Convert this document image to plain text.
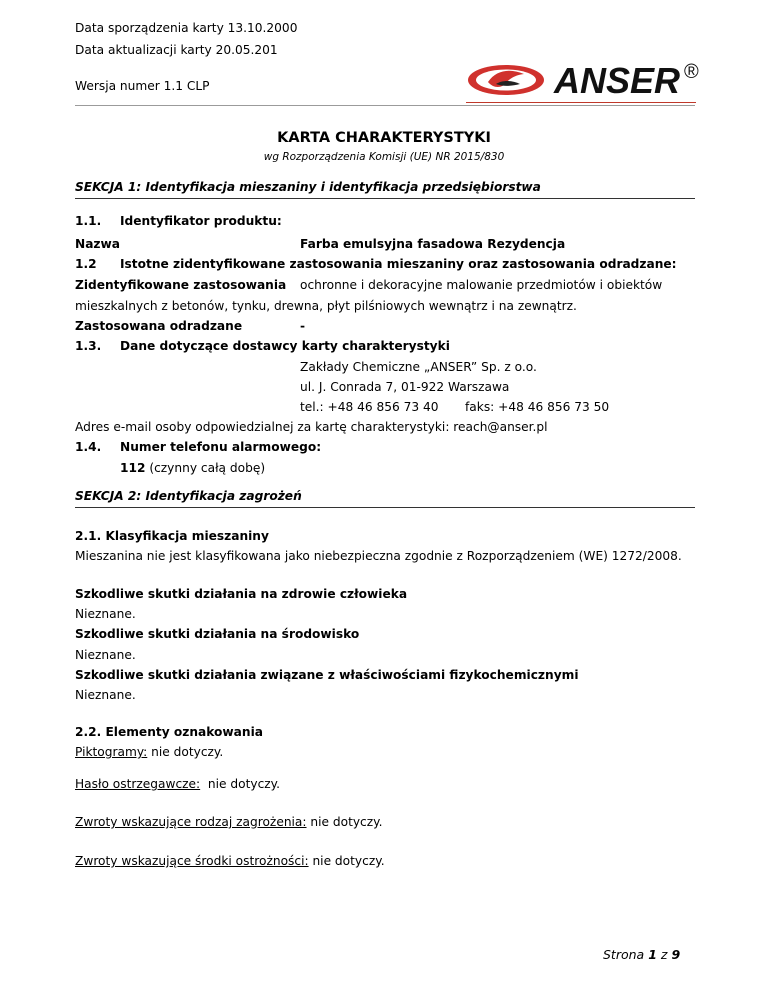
Data sporządzenia karty 13.10.2000
Data aktualizacji karty 20.05.201
Wersja numer 1.1 CLP	ANSER ®
KARTA CHARAKTERYSTYKI
wg Rozporządzenia Komisji (UE) NR 2015/830
SEKCJA 1: Identyfikacja mieszaniny i identyfikacja przedsiębiorstwa
1.1. Identyfikator produktu:
Nazwa	Farba emulsyjna fasadowa Rezydencja
1.2 Istotne zidentyfikowane zastosowania mieszaniny oraz zastosowania odradzane:
Zidentyfikowane zastosowania ochronne i dekoracyjne malowanie przedmiotów i obiektów
mieszkalnych z betonów, tynku, drewna, płyt pilśniowych wewnątrz i na zewnątrz.
Zastosowana odradzane	-
1.3. Dane dotyczące dostawcy karty charakterystyki
Zakłady Chemiczne „ANSER” Sp. z o.o.
ul. J. Conrada 7, 01-922 Warszawa
tel.: +48 46 856 73 40 faks: +48 46 856 73 50
Adres e-mail osoby odpowiedzialnej za kartę charakterystyki: reach@anser.pl
1.4. Numer telefonu alarmowego:
112 (czynny całą dobę)
SEKCJA 2: Identyfikacja zagrożeń
2.1. Klasyfikacja mieszaniny
Mieszanina nie jest klasyfikowana jako niebezpieczna zgodnie z Rozporządzeniem (WE) 1272/2008.
Szkodliwe skutki działania na zdrowie człowieka
Nieznane.
Szkodliwe skutki działania na środowisko
Nieznane.
Szkodliwe skutki działania związane z właściwościami fizykochemicznymi
Nieznane.
2.2. Elementy oznakowania
Piktogramy: nie dotyczy.
Hasło ostrzegawcze: nie dotyczy.
Zwroty wskazujące rodzaj zagrożenia: nie dotyczy.
Zwroty wskazujące środki ostrożności: nie dotyczy.
Strona 1 z 9
